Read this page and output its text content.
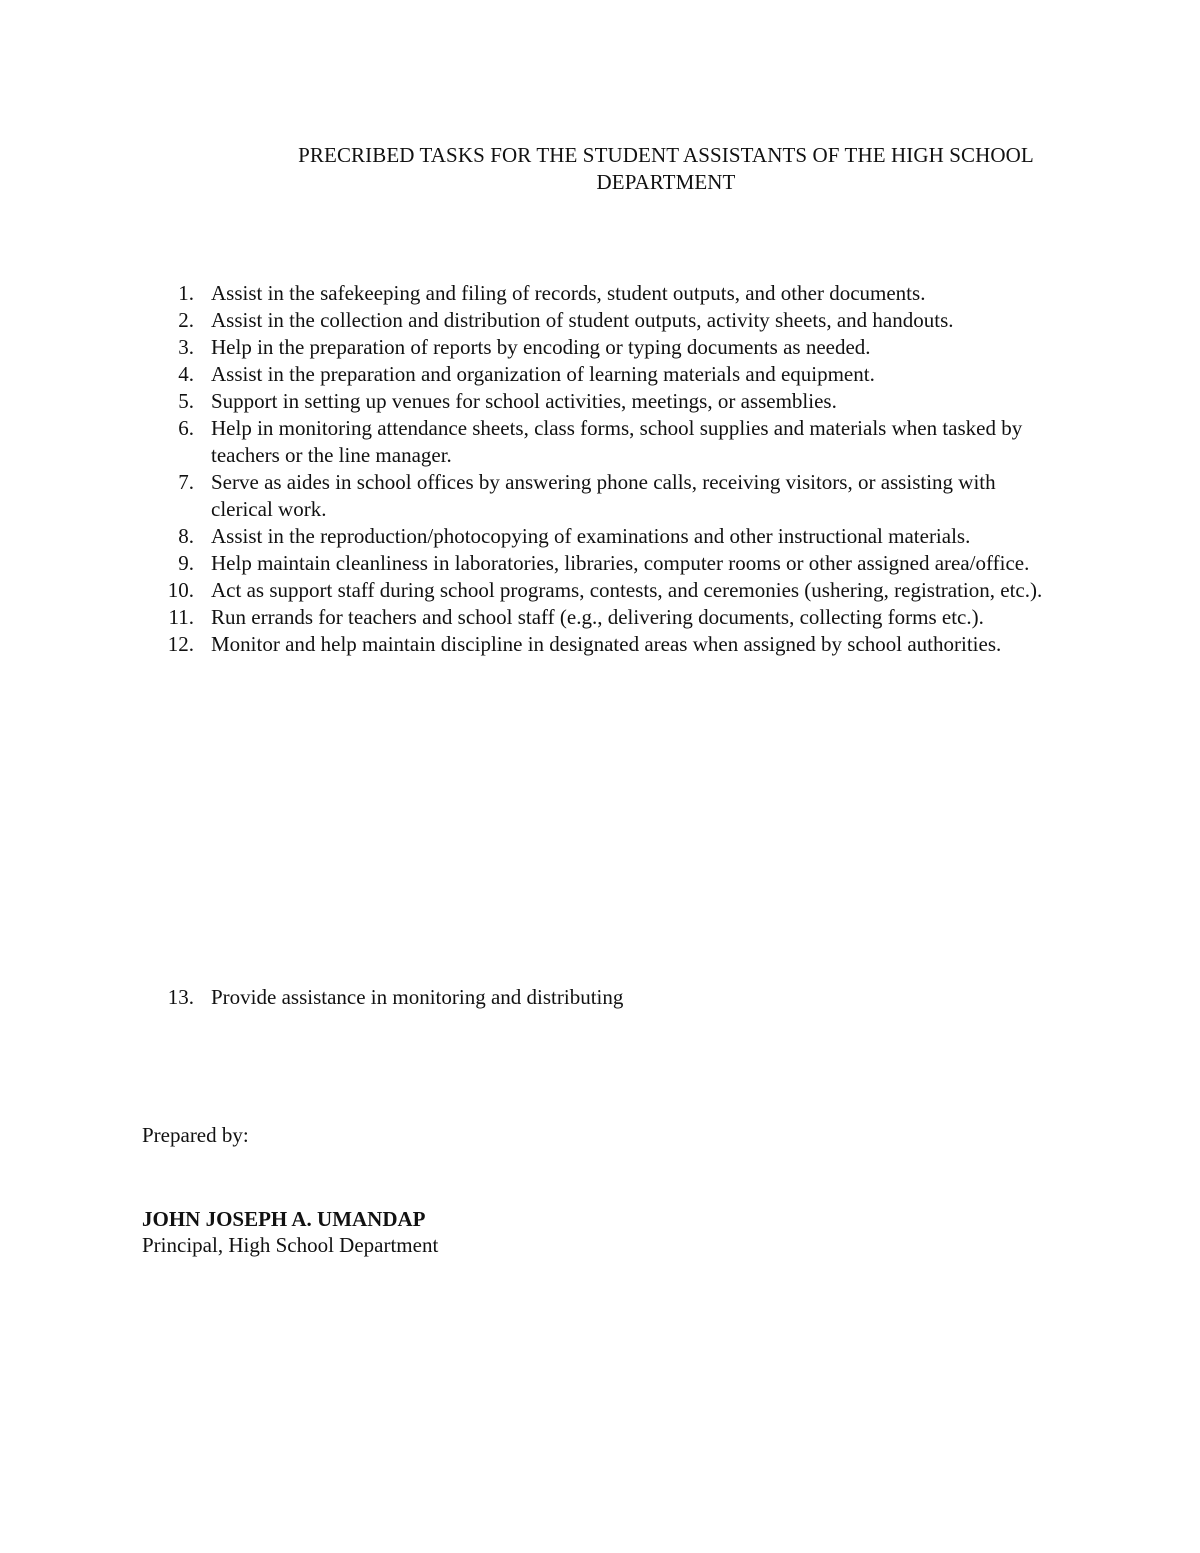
PRECRIBED TASKS FOR THE STUDENT ASSISTANTS OF THE HIGH SCHOOL
DEPARTMENT
1. Assist in the safekeeping and filing of records, student outputs, and other documents.
2. Assist in the collection and distribution of student outputs, activity sheets, and handouts.
3. Help in the preparation of reports by encoding or typing documents as needed.
4. Assist in the preparation and organization of learning materials and equipment.
5. Support in setting up venues for school activities, meetings, or assemblies.
6. Help in monitoring attendance sheets, class forms, school supplies and materials when tasked by teachers or the line manager.
7. Serve as aides in school offices by answering phone calls, receiving visitors, or assisting with clerical work.
8. Assist in the reproduction/photocopying of examinations and other instructional materials.
9. Help maintain cleanliness in laboratories, libraries, computer rooms or other assigned area/office.
10. Act as support staff during school programs, contests, and ceremonies (ushering, registration, etc.).
11. Run errands for teachers and school staff (e.g., delivering documents, collecting forms etc.).
12. Monitor and help maintain discipline in designated areas when assigned by school authorities.
13. Provide assistance in monitoring and distributing
Prepared by:
JOHN JOSEPH A. UMANDAP
Principal, High School Department
